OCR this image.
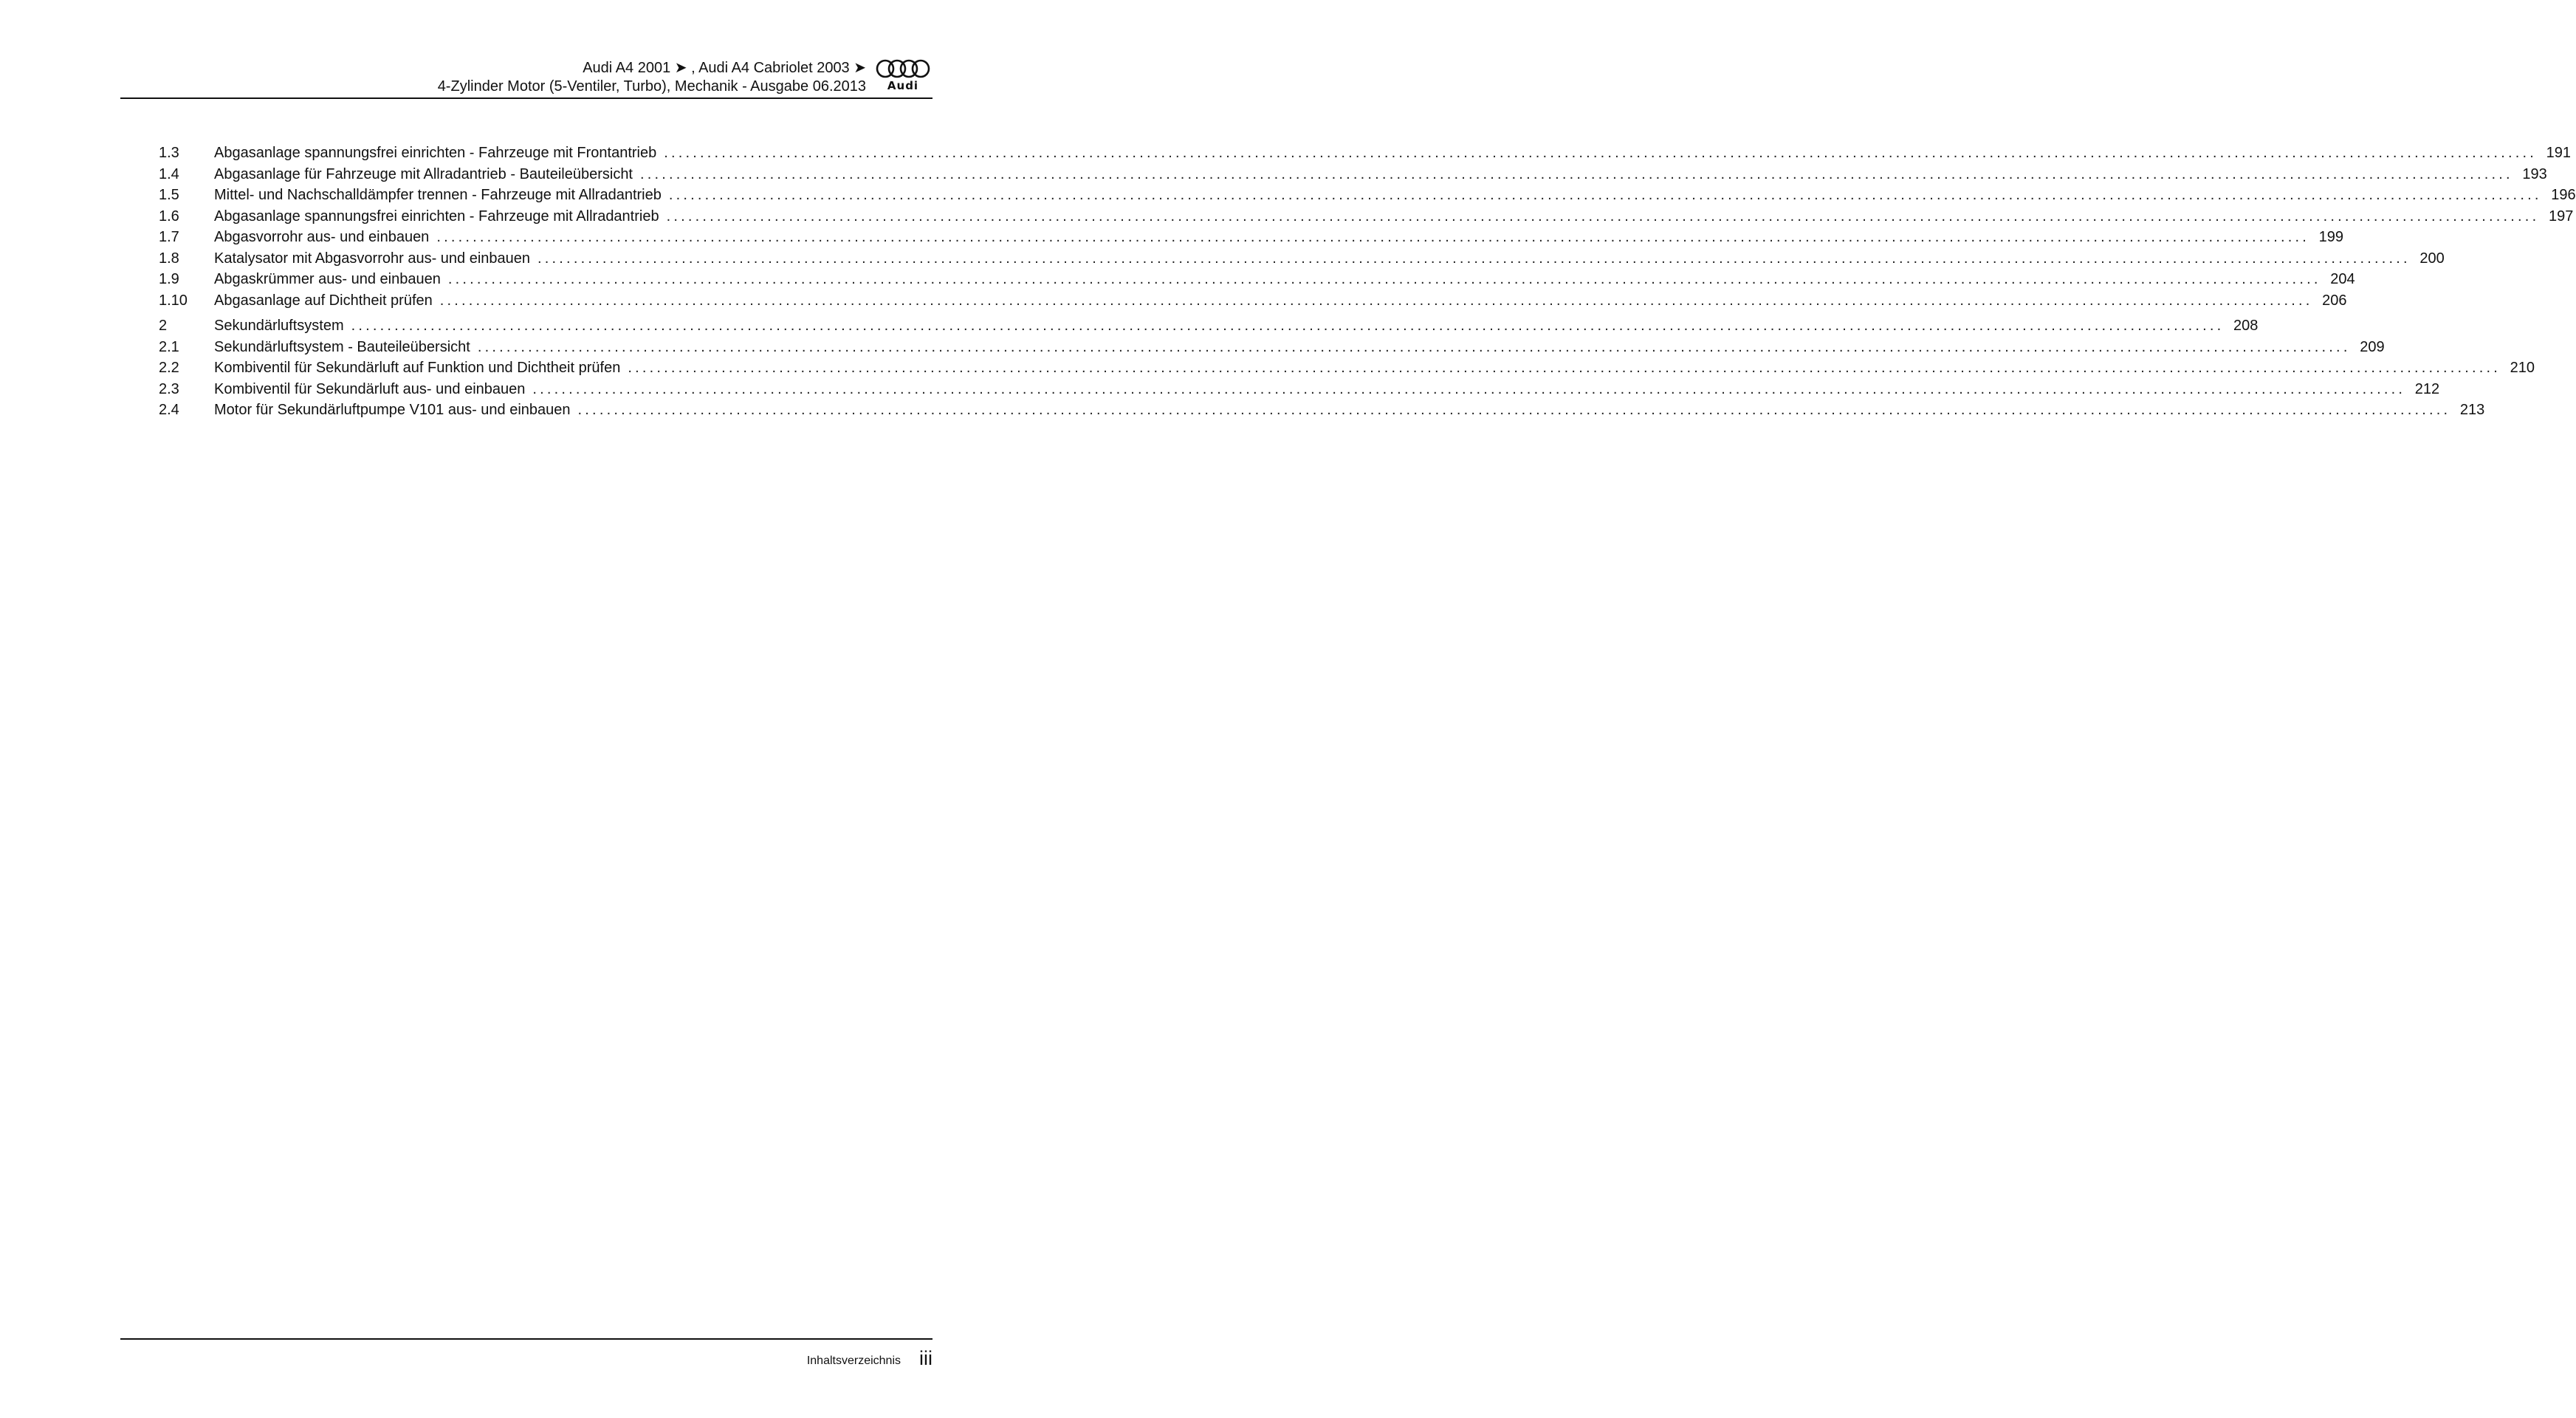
Audi A4 2001 ➤ , Audi A4 Cabriolet 2003 ➤
4-Zylinder Motor (5-Ventiler, Turbo), Mechanik - Ausgabe 06.2013	Audi
1.3	Abgasanlage spannungsfrei einrichten - Fahrzeuge mit Frontantrieb .................................................................................................................................................................................................................................................................... 191
1.4	Abgasanlage für Fahrzeuge mit Allradantrieb - Bauteileübersicht .................................................................................................................................................................................................................................................................... 193
1.5	Mittel- und Nachschalldämpfer trennen - Fahrzeuge mit Allradantrieb .................................................................................................................................................................................................................................................................... 196
1.6	Abgasanlage spannungsfrei einrichten - Fahrzeuge mit Allradantrieb .................................................................................................................................................................................................................................................................... 197
1.7	Abgasvorrohr aus- und einbauen .................................................................................................................................................................................................................................................................... 199
1.8	Katalysator mit Abgasvorrohr aus- und einbauen .................................................................................................................................................................................................................................................................... 200
1.9	Abgaskrümmer aus- und einbauen .................................................................................................................................................................................................................................................................... 204
1.10	Abgasanlage auf Dichtheit prüfen .................................................................................................................................................................................................................................................................... 206
2	Sekundärluftsystem .................................................................................................................................................................................................................................................................... 208
2.1	Sekundärluftsystem - Bauteileübersicht .................................................................................................................................................................................................................................................................... 209
2.2	Kombiventil für Sekundärluft auf Funktion und Dichtheit prüfen .................................................................................................................................................................................................................................................................... 210
2.3	Kombiventil für Sekundärluft aus- und einbauen .................................................................................................................................................................................................................................................................... 212
2.4	Motor für Sekundärluftpumpe V101 aus- und einbauen .................................................................................................................................................................................................................................................................... 213
Inhaltsverzeichnis iii
